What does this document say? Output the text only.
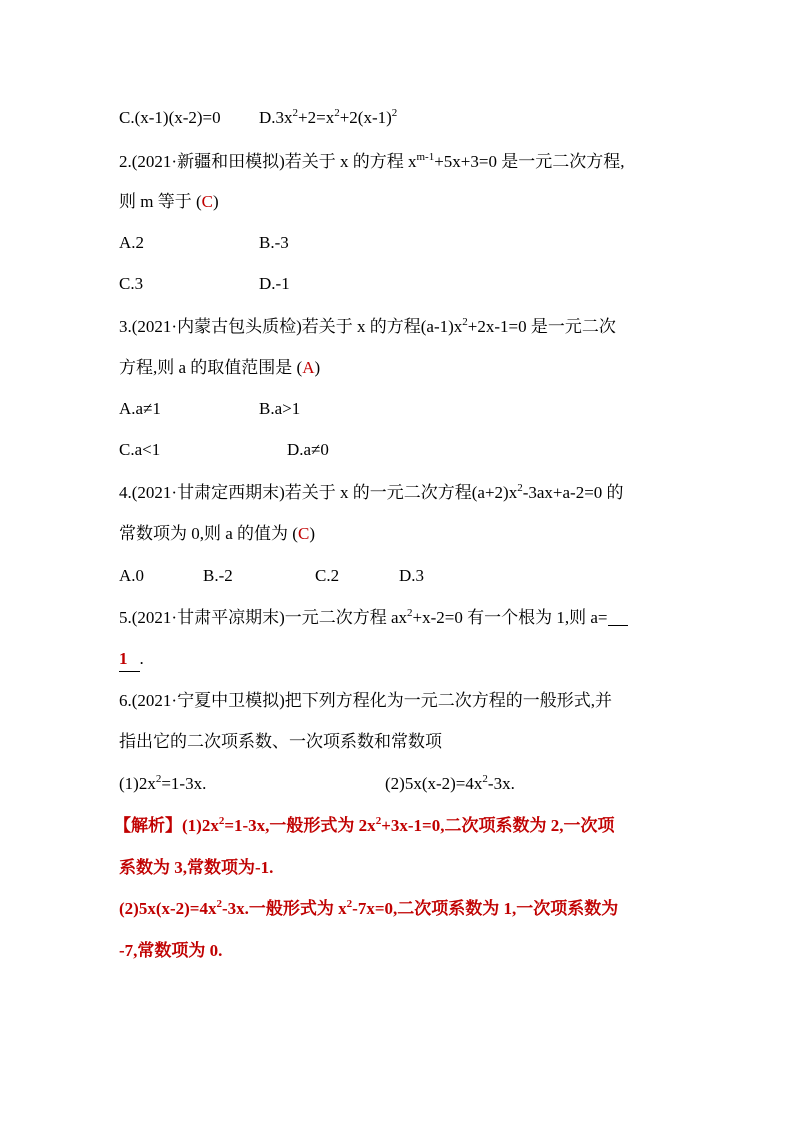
C.(x-1)(x-2)=0 $D.3x^2+2=x^2+2(x-1)^2$
2.(2021·新疆和田模拟)若关于 x 的方程 $x^{m-1}+5x+3=0$ 是一元二次方程,
则 m 等于 (C)
A.2	B.-3
C.3	D.-1
3.(2021·内蒙古包头质检)若关于 x 的方程$(a-1)x^2+2x-1=0$ 是一元二次
方程,则 a 的取值范围是 (A)
A.a≠1	B.a>1
C.a<1	D.a≠0
4.(2021·甘肃定西期末)若关于 x 的一元二次方程$(a+2)x^2-3ax+a-2=0$ 的
常数项为 0,则 a 的值为 (C)
A.0	B.-2	C.2	D.3
5.(2021·甘肃平凉期末)一元二次方程 $ax^2+x-2=0$ 有一个根为 1,则 a=
1 .
6.(2021·宁夏中卫模拟)把下列方程化为一元二次方程的一般形式,并
指出它的二次项系数、一次项系数和常数项
$(1)2x^2=1-3x$.	$(2)5x(x-2)=4x^2-3x$.
【解析】$(1)2x^2=1-3x$,一般形式为 $2x^2+3x-1=0$,二次项系数为 2,一次项
系数为 3,常数项为-1.
$(2)5x(x-2)=4x^2-3x$.一般形式为 $x^2-7x=0$,二次项系数为 1,一次项系数为
-7,常数项为 0.
